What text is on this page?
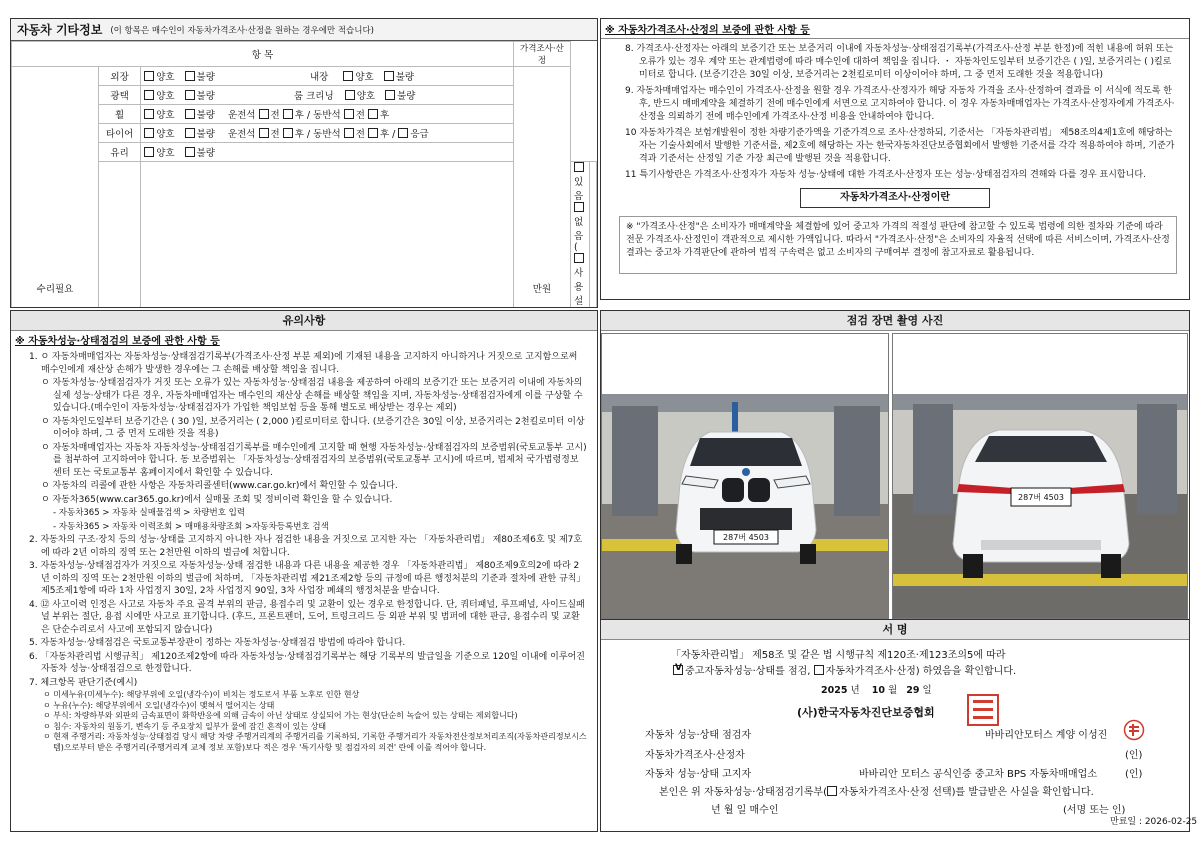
자동차 기타정보 (이 항목은 매수인이 자동차가격조사·산정을 원하는 경우에만 적습니다)
항 목			가격조사·산정		
수리필요	외장	양호 불량 내장 양호 불량	만원		
	광택	양호 불량 룸 크리닝 양호 불량			
	휠	양호 불량 운전석 전 후 / 동반석 전 후			
	타이어	양호 불량 운전석 전 후 / 동반석 전 후 / 응급			
	유리	양호 불량			
		있음 없음 ( 사용설	

※ 자동차가격조사·산정의 보증에 관한 사항 등
8. 가격조사·산정자는 아래의 보증기간 또는 보증거리 이내에 자동차성능·상태점검기록부(가격조사·산정 부분 한정)에 적힌 내용에 허위 또는 오류가 있는 경우 계약 또는 관계법령에 따라 매수인에 대하여 책임을 집니다. ・ 자동차인도일부터 보증기간은 ( )일, 보증거리는 ( )킬로미터로 합니다. (보증기간은 30일 이상, 보증거리는 2천킬로미터 이상이어야 하며, 그 중 먼저 도래한 것을 적용합니다)
9. 자동차매매업자는 매수인이 가격조사·산정을 원할 경우 가격조사·산정자가 해당 자동차 가격을 조사·산정하여 결과를 이 서식에 적도록 한 후, 반드시 매매계약을 체결하기 전에 매수인에게 서면으로 고지하여야 합니다. 이 경우 자동차매매업자는 가격조사·산정자에게 가격조사·산정을 의뢰하기 전에 매수인에게 가격조사·산정 비용을 안내하여야 합니다.
10 자동차가격은 보험개발원이 정한 차량기준가액을 기준가격으로 조사·산정하되, 기준서는 「자동차관리법」 제58조의4제1호에 해당하는 자는 기술사회에서 발행한 기준서를, 제2호에 해당하는 자는 한국자동차진단보증협회에서 발행한 기준서를 각각 적용하여야 하며, 기준가격과 기준서는 산정일 기준 가장 최근에 발행된 것을 적용합니다.
11 특기사항란은 가격조사·산정자가 자동차 성능·상태에 대한 가격조사·산정자 또는 성능·상태점검자의 견해와 다를 경우 표시합니다.
자동차가격조사·산정이란
※ "가격조사·산정"은 소비자가 매매계약을 체결함에 있어 중고차 가격의 적절성 판단에 참고할 수 있도록 법령에 의한 절차와 기준에 따라 전문 가격조사·산정인이 객관적으로 제시한 가액입니다. 따라서 "가격조사·산정"은 소비자의 자율적 선택에 따른 서비스이며, 가격조사·산정 결과는 중고차 가격판단에 관하여 법적 구속력은 없고 소비자의 구매여부 결정에 참고자료로 활용됩니다.
유의사항
※ 자동차성능·상태점검의 보증에 관한 사항 등
1. ㅇ 자동차매매업자는 자동차성능·상태점검기록부(가격조사·산정 부분 제외)에 기재된 내용을 고지하지 아니하거나 거짓으로 고지함으로써 매수인에게 재산상 손해가 발생한 경우에는 그 손해를 배상할 책임을 집니다.
ㅇ 자동차성능·상태점검자가 거짓 또는 오류가 있는 자동차성능·상태점검 내용을 제공하여 아래의 보증기간 또는 보증거리 이내에 자동차의 실제 성능·상태가 다른 경우, 자동차매매업자는 매수인의 재산상 손해를 배상할 책임을 지며, 자동차성능·상태점검자에게 이를 구상할 수 있습니다.(매수인이 자동차성능·상태점검자가 가입한 책임보험 등을 통해 별도로 배상받는 경우는 제외)
ㅇ 자동차인도일부터 보증기간은 ( 30 )일, 보증거리는 ( 2,000 )킬로미터로 합니다. (보증기간은 30일 이상, 보증거리는 2천킬로미터 이상이어야 하며, 그 중 먼저 도래한 것을 적용)
ㅇ 자동차매매업자는 자동차 자동차성능·상태점검기록부를 매수인에게 고지할 때 현행 자동차성능·상태점검자의 보증범위(국토교통부 고시)를 첨부하여 고지하여야 합니다. 동 보증범위는 「자동차성능·상태점검자의 보증범위(국토교통부 고시)에 따르며, 법제처 국가법령정보센터 또는 국토교통부 홈페이지에서 확인할 수 있습니다.
ㅇ 자동차의 리콜에 관한 사항은 자동차리콜센터(www.car.go.kr)에서 확인할 수 있습니다.
ㅇ 자동차365(www.car365.go.kr)에서 실매물 조회 및 정비이력 확인을 할 수 있습니다.
- 자동차365 > 자동차 실매물검색 > 차량번호 입력
- 자동차365 > 자동차 이력조회 > 매매용차량조회 >자동차등록번호 검색
2. 자동차의 구조·장치 등의 성능·상태를 고지하지 아니한 자나 점검한 내용을 거짓으로 고지한 자는 「자동차관리법」 제80조제6호 및 제7호에 따라 2년 이하의 징역 또는 2천만원 이하의 벌금에 처합니다.
3. 자동차성능·상태점검자가 거짓으로 자동차성능·상태 점검한 내용과 다른 내용을 제공한 경우 「자동차관리법」 제80조제9호의2에 따라 2년 이하의 징역 또는 2천만원 이하의 벌금에 처하며, 「자동차관리법 제21조제2항 등의 규정에 따른 행정처분의 기준과 절차에 관한 규칙」 제5조제1항에 따라 1차 사업정지 30일, 2차 사업정지 90일, 3차 사업장 폐쇄의 행정처분을 받습니다.
4. ⑫ 사고이력 인정은 사고로 자동차 주요 골격 부위의 판금, 용접수리 및 교환이 있는 경우로 한정합니다. 단, 쿼터패널, 루프패널, 사이드실패널 부위는 절단, 용접 시에만 사고로 표기합니다. (후드, 프론트펜더, 도어, 트렁크리드 등 외판 부위 및 범퍼에 대한 판금, 용접수리 및 교환은 단순수리로서 사고에 포함되지 않습니다)
5. 자동차성능·상태점검은 국토교통부장관이 정하는 자동차성능·상태점검 방법에 따라야 합니다.
6. 「자동차관리법 시행규칙」 제120조제2항에 따라 자동차성능·상태점검기록부는 해당 기록부의 발급일을 기준으로 120일 이내에 이루어진 자동차 성능·상태점검으로 한정합니다.
7. 체크항목 판단기준(예시)
ㅇ 미세누유(미세누수): 해당부위에 오일(냉각수)이 비치는 정도로서 부품 노후로 인한 현상
ㅇ 누유(누수): 해당부위에서 오일(냉각수)이 맺혀서 떨어지는 상태
ㅇ 부식: 차량하부와 외판의 금속표면이 화학반응에 의해 금속이 아닌 상태로 상실되어 가는 현상(단순히 녹슬어 있는 상태는 제외합니다)
ㅇ 침수: 자동차의 원동기, 변속기 등 주요장치 일부가 물에 잠긴 흔적이 있는 상태
ㅇ 현재 주행거리: 자동차성능·상태점검 당시 해당 차량 주행거리계의 주행거리를 기록하되, 기록한 주행거리가 자동차전산정보처리조직(자동차관리정보시스템)으로부터 받은 주행거리(주행거리계 교체 정보 포함)보다 적은 경우 '특기사항 및 점검자의 의견' 란에 이를 적어야 합니다.
점검 장면 촬영 사진
287버 4503
287버 4503
서 명
「자동차관리법」 제58조 및 같은 법 시행규칙 제120조·제123조의5에 따라
V중고자동차성능·상태를 점검, 자동차가격조사·산정) 하였음을 확인합니다.
2025 년 10 월 29 일
(사)한국자동차진단보증협회
자동차 성능·상태 점검자	바바리안모터스 계양 이성진
자동차가격조사·산정자	(인)
자동차 성능·상태 고지자	바바리안 모터스 공식인증 중고차 BPS 자동차매매업소	(인)
본인은 위 자동차성능·상태점검기록부( 자동차가격조사·산정 선택)를 발급받은 사실을 확인합니다.
년 월 일 매수인	(서명 또는 인)
만료일 : 2026-02-25
